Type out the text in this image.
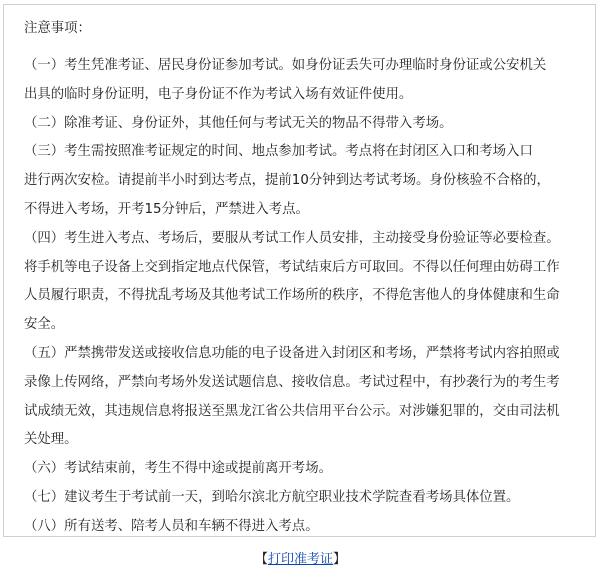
注意事项：
（一）考生凭准考证、居民身份证参加考试。如身份证丢失可办理临时身份证或公安机关
出具的临时身份证明，电子身份证不作为考试入场有效证件使用。
（二）除准考证、身份证外，其他任何与考试无关的物品不得带入考场。
（三）考生需按照准考证规定的时间、地点参加考试。考点将在封闭区入口和考场入口
进行两次安检。请提前半小时到达考点，提前10分钟到达考试考场。身份核验不合格的，
不得进入考场，开考15分钟后，严禁进入考点。
（四）考生进入考点、考场后，要服从考试工作人员安排，主动接受身份验证等必要检查。
将手机等电子设备上交到指定地点代保管，考试结束后方可取回。不得以任何理由妨碍工作
人员履行职责，不得扰乱考场及其他考试工作场所的秩序，不得危害他人的身体健康和生命
安全。
（五）严禁携带发送或接收信息功能的电子设备进入封闭区和考场，严禁将考试内容拍照或
录像上传网络，严禁向考场外发送试题信息、接收信息。考试过程中，有抄袭行为的考生考
试成绩无效，其违规信息将报送至黑龙江省公共信用平台公示。对涉嫌犯罪的，交由司法机
关处理。
（六）考试结束前，考生不得中途或提前离开考场。
（七）建议考生于考试前一天，到哈尔滨北方航空职业技术学院查看考场具体位置。
（八）所有送考、陪考人员和车辆不得进入考点。
【打印准考证】
